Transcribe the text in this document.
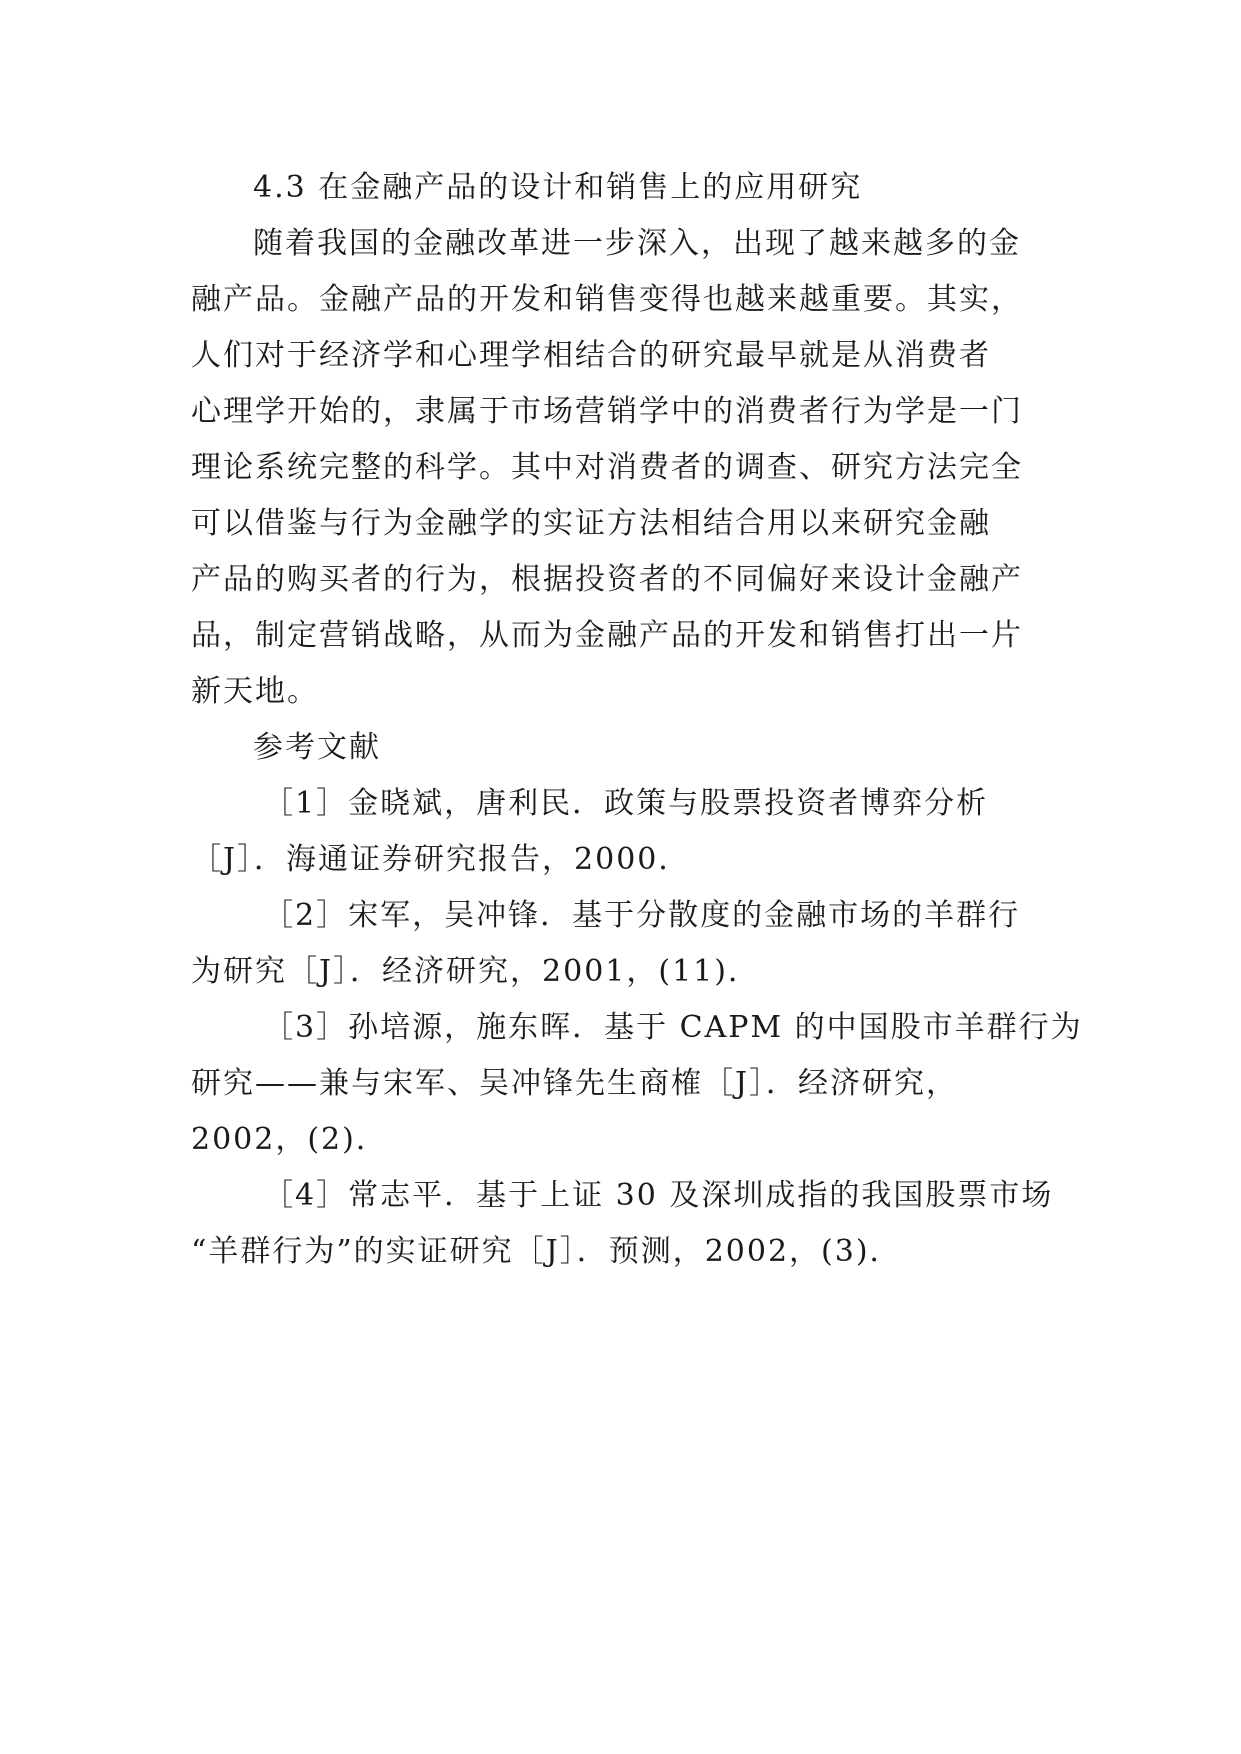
4.3 在金融产品的设计和销售上的应用研究
随着我国的金融改革进一步深入，出现了越来越多的金
融产品。金融产品的开发和销售变得也越来越重要。其实，
人们对于经济学和心理学相结合的研究最早就是从消费者
心理学开始的，隶属于市场营销学中的消费者行为学是一门
理论系统完整的科学。其中对消费者的调查、研究方法完全
可以借鉴与行为金融学的实证方法相结合用以来研究金融
产品的购买者的行为，根据投资者的不同偏好来设计金融产
品，制定营销战略，从而为金融产品的开发和销售打出一片
新天地。
参考文献
［1］金晓斌，唐利民．政策与股票投资者博弈分析
［J］．海通证券研究报告，2000．
［2］宋军，吴冲锋．基于分散度的金融市场的羊群行
为研究［J］．经济研究，2001，(11)．
［3］孙培源，施东晖．基于 CAPM 的中国股市羊群行为
研究——兼与宋军、吴冲锋先生商榷［J］．经济研究，
2002，(2)．
［4］常志平．基于上证 30 及深圳成指的我国股票市场
“羊群行为”的实证研究［J］．预测，2002，(3)．
